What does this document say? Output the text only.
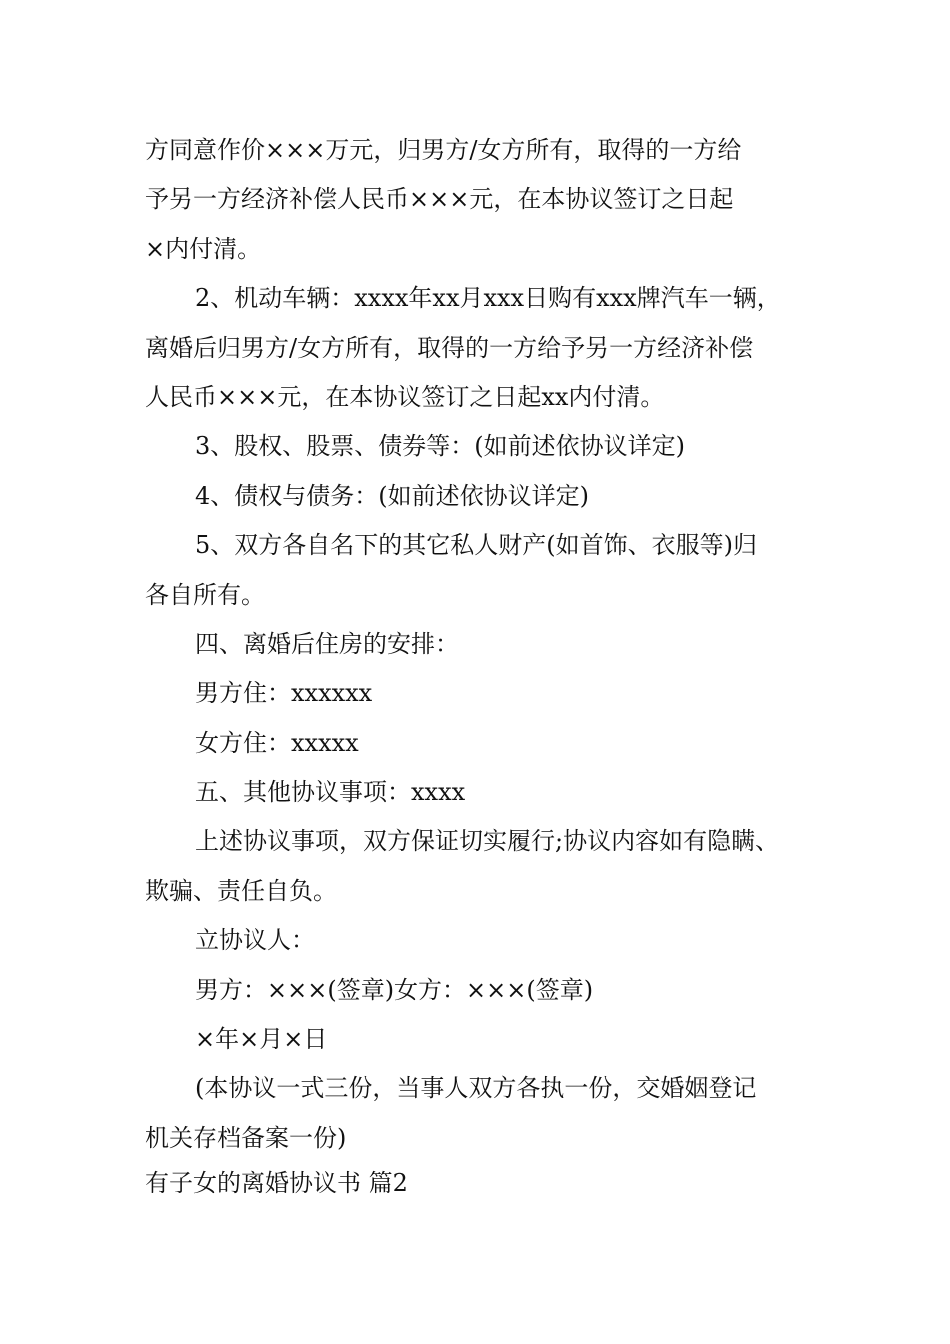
方同意作价×××万元，归男方/女方所有，取得的一方给
予另一方经济补偿人民币×××元，在本协议签订之日起
×内付清。
2、机动车辆：xxxx年xx月xxx日购有xxx牌汽车一辆，
离婚后归男方/女方所有，取得的一方给予另一方经济补偿
人民币×××元，在本协议签订之日起xx内付清。
3、股权、股票、债券等：(如前述依协议详定)
4、债权与债务：(如前述依协议详定)
5、双方各自名下的其它私人财产(如首饰、衣服等)归
各自所有。
四、离婚后住房的安排：
男方住：xxxxxx
女方住：xxxxx
五、其他协议事项：xxxx
上述协议事项，双方保证切实履行;协议内容如有隐瞒、
欺骗、责任自负。
立协议人：
男方：×××(签章)女方：×××(签章)
×年×月×日
(本协议一式三份，当事人双方各执一份，交婚姻登记
机关存档备案一份)
有子女的离婚协议书 篇2
